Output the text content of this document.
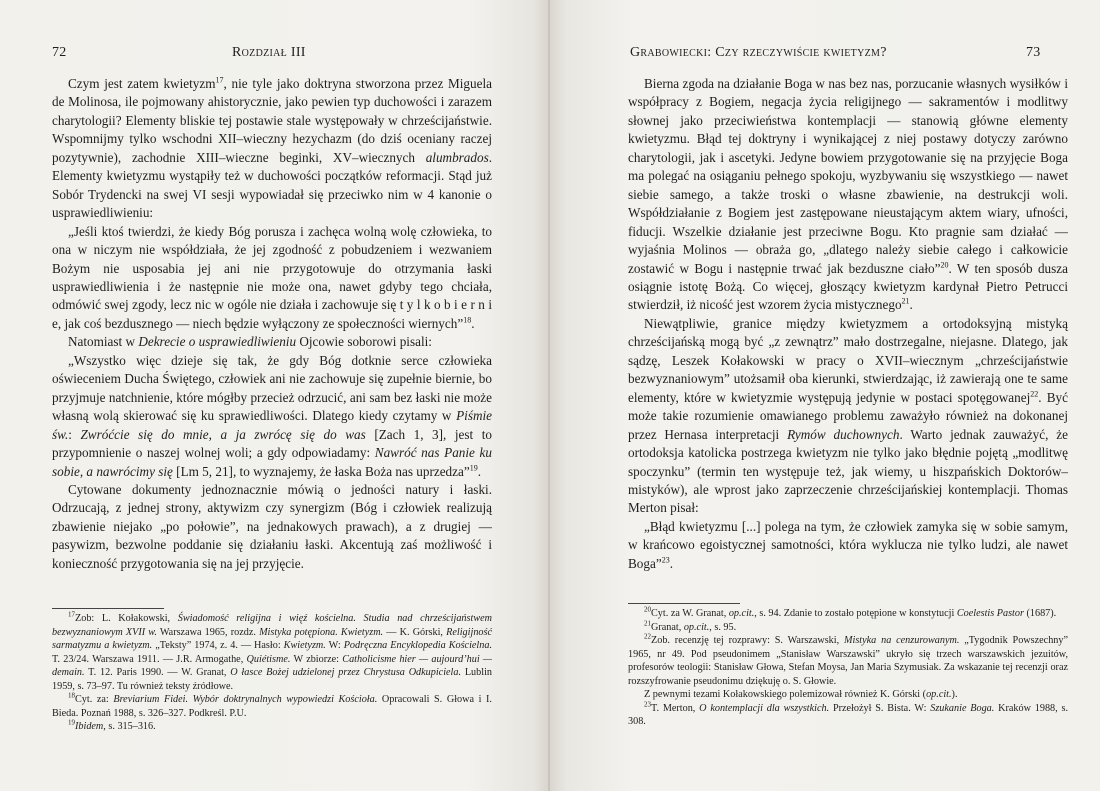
72	Rozdział III

Czym jest zatem kwietyzm$^{17}$, nie tyle jako doktryna stworzona przez Miguela de Molinosa, ile pojmowany ahistorycznie, jako pewien typ duchowości i zarazem charytologii? Elementy bliskie tej postawie stale występowały w chrześcijaństwie. Wspomnijmy tylko wschodni XII–wieczny hezychazm (do dziś oceniany raczej pozytywnie), zachodnie XIII–wieczne beginki, XV–wiecznych alumbrados. Elementy kwietyzmu wystąpiły też w duchowości początków reformacji. Stąd już Sobór Trydencki na swej VI sesji wypowiadał się przeciwko nim w 4 kanonie o usprawiedliwieniu:

„Jeśli ktoś twierdzi, że kiedy Bóg porusza i zachęca wolną wolę człowieka, to ona w niczym nie współdziała, że jej zgodność z pobudzeniem i wezwaniem Bożym nie usposabia jej ani nie przygotowuje do otrzymania łaski usprawiedliwienia i że następnie nie może ona, nawet gdyby tego chciała, odmówić swej zgody, lecz nic w ogóle nie działa i zachowuje się t y l k o b i e r n i e, jak coś bezdusznego — niech będzie wyłączony ze społeczności wiernych”$^{18}$.

Natomiast w Dekrecie o usprawiedliwieniu Ojcowie soborowi pisali:

„Wszystko więc dzieje się tak, że gdy Bóg dotknie serce człowieka oświeceniem Ducha Świętego, człowiek ani nie zachowuje się zupełnie biernie, bo przyjmuje natchnienie, które mógłby przecież odrzucić, ani sam bez łaski nie może własną wolą skierować się ku sprawiedliwości. Dlatego kiedy czytamy w Piśmie św.: Zwróćcie się do mnie, a ja zwrócę się do was [Zach 1, 3], jest to przypomnienie o naszej wolnej woli; a gdy odpowiadamy: Nawróć nas Panie ku sobie, a nawrócimy się [Lm 5, 21], to wyznajemy, że łaska Boża nas uprzedza”$^{19}$.

Cytowane dokumenty jednoznacznie mówią o jedności natury i łaski. Odrzucają, z jednej strony, aktywizm czy synergizm (Bóg i człowiek realizują zbawienie niejako „po połowie”, na jednakowych prawach), a z drugiej — pasywizm, bezwolne poddanie się działaniu łaski. Akcentują zaś możliwość i konieczność przygotowania się na jej przyjęcie.

$^{17}$Zob: L. Kołakowski, Świadomość religijna i więź kościelna. Studia nad chrześcijaństwem bezwyznaniowym XVII w. Warszawa 1965, rozdz. Mistyka potępiona. Kwietyzm. — K. Górski, Religijność sarmatyzmu a kwietyzm. „Teksty” 1974, z. 4. — Hasło: Kwietyzm. W: Podręczna Encyklopedia Kościelna. T. 23/24. Warszawa 1911. — J.R. Armogathe, Quiétisme. W zbiorze: Catholicisme hier — aujourd’hui — demain. T. 12. Paris 1990. — W. Granat, O łasce Bożej udzielonej przez Chrystusa Odkupiciela. Lublin 1959, s. 73–97. Tu również teksty źródłowe.

$^{18}$Cyt. za: Breviarium Fidei. Wybór doktrynalnych wypowiedzi Kościoła. Opracowali S. Głowa i I. Bieda. Poznań 1988, s. 326–327. Podkreśl. P.U.

$^{19}$Ibidem, s. 315–316.

Grabowiecki: Czy rzeczywiście kwietyzm?	73

Bierna zgoda na działanie Boga w nas bez nas, porzucanie własnych wysiłków i współpracy z Bogiem, negacja życia religijnego — sakramentów i modlitwy słownej jako przeciwieństwa kontemplacji — stanowią główne elementy kwietyzmu. Błąd tej doktryny i wynikającej z niej postawy dotyczy zarówno charytologii, jak i ascetyki. Jedyne bowiem przygotowanie się na przyjęcie Boga ma polegać na osiąganiu pełnego spokoju, wyzbywaniu się wszystkiego — nawet siebie samego, a także troski o własne zbawienie, na destrukcji woli. Współdziałanie z Bogiem jest zastępowane nieustającym aktem wiary, ufności, fiducji. Wszelkie działanie jest przeciwne Bogu. Kto pragnie sam działać — wyjaśnia Molinos — obraża go, „dlatego należy siebie całego i całkowicie zostawić w Bogu i następnie trwać jak bezduszne ciało”$^{20}$. W ten sposób dusza osiągnie istotę Bożą. Co więcej, głoszący kwietyzm kardynał Pietro Petrucci stwierdził, iż nicość jest wzorem życia mistycznego$^{21}$.

Niewątpliwie, granice między kwietyzmem a ortodoksyjną mistyką chrześcijańską mogą być „z zewnątrz” mało dostrzegalne, niejasne. Dlatego, jak sądzę, Leszek Kołakowski w pracy o XVII–wiecznym „chrześcijaństwie bezwyznaniowym” utożsamił oba kierunki, stwierdzając, iż zawierają one te same elementy, które w kwietyzmie występują jedynie w postaci spotęgowanej$^{22}$. Być może takie rozumienie omawianego problemu zaważyło również na dokonanej przez Hernasa interpretacji Rymów duchownych. Warto jednak zauważyć, że ortodoksja katolicka postrzega kwietyzm nie tylko jako błędnie pojętą „modlitwę spoczynku” (termin ten występuje też, jak wiemy, u hiszpańskich Doktorów–mistyków), ale wprost jako zaprzeczenie chrześcijańskiej kontemplacji. Thomas Merton pisał:

„Błąd kwietyzmu [...] polega na tym, że człowiek zamyka się w sobie samym, w krańcowo egoistycznej samotności, która wyklucza nie tylko ludzi, ale nawet Boga”$^{23}$.

$^{20}$Cyt. za W. Granat, op.cit., s. 94. Zdanie to zostało potępione w konstytucji Coelestis Pastor (1687).

$^{21}$Granat, op.cit., s. 95.

$^{22}$Zob. recenzję tej rozprawy: S. Warszawski, Mistyka na cenzurowanym. „Tygodnik Powszechny” 1965, nr 49. Pod pseudonimem „Stanisław Warszawski” ukryło się trzech warszawskich jezuitów, profesorów teologii: Stanisław Głowa, Stefan Moysa, Jan Maria Szymusiak. Za wskazanie tej recenzji oraz rozszyfrowanie pseudonimu dziękuję o. S. Głowie.

Z pewnymi tezami Kołakowskiego polemizował również K. Górski (op.cit.).

$^{23}$T. Merton, O kontemplacji dla wszystkich. Przełożył S. Bista. W: Szukanie Boga. Kraków 1988, s. 308.
